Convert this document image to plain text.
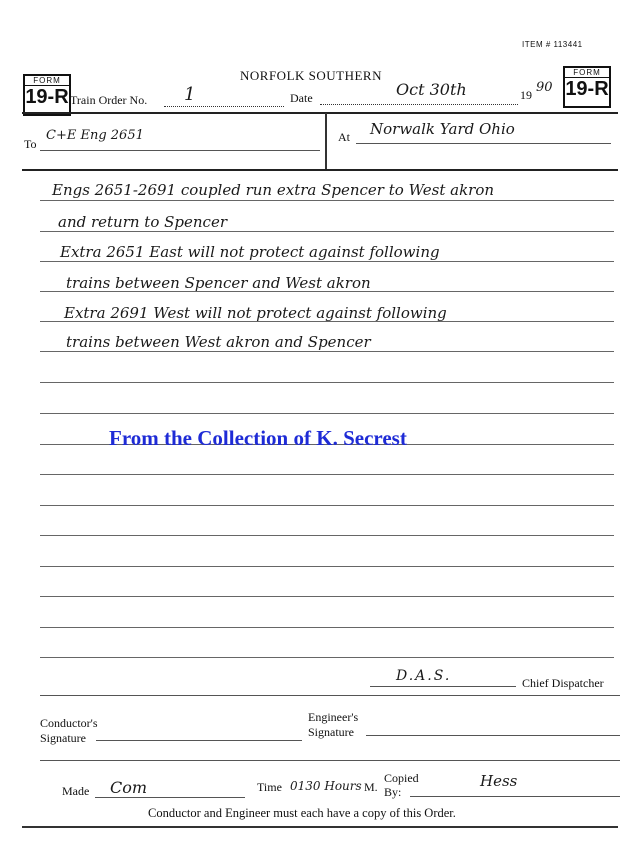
ITEM # 113441
NORFOLK SOUTHERN
FORM
19-R
FORM
19-R
Train Order No. 1	Date	Oct 30th	19 90
To
C+E Eng 2651	At Norwalk Yard Ohio
Engs 2651-2691 coupled run extra Spencer to West akron
and return to Spencer
Extra 2651 East will not protect against following
trains between Spencer and West akron
Extra 2691 West will not protect against following
trains between West akron and Spencer
From the Collection of K. Secrest
D.A.S.	Chief Dispatcher
Conductor's
Signature
Engineer's
Signature
Made Com	Time 0130 Hours M.
Copied
By:
Hess
Conductor and Engineer must each have a copy of this Order.
